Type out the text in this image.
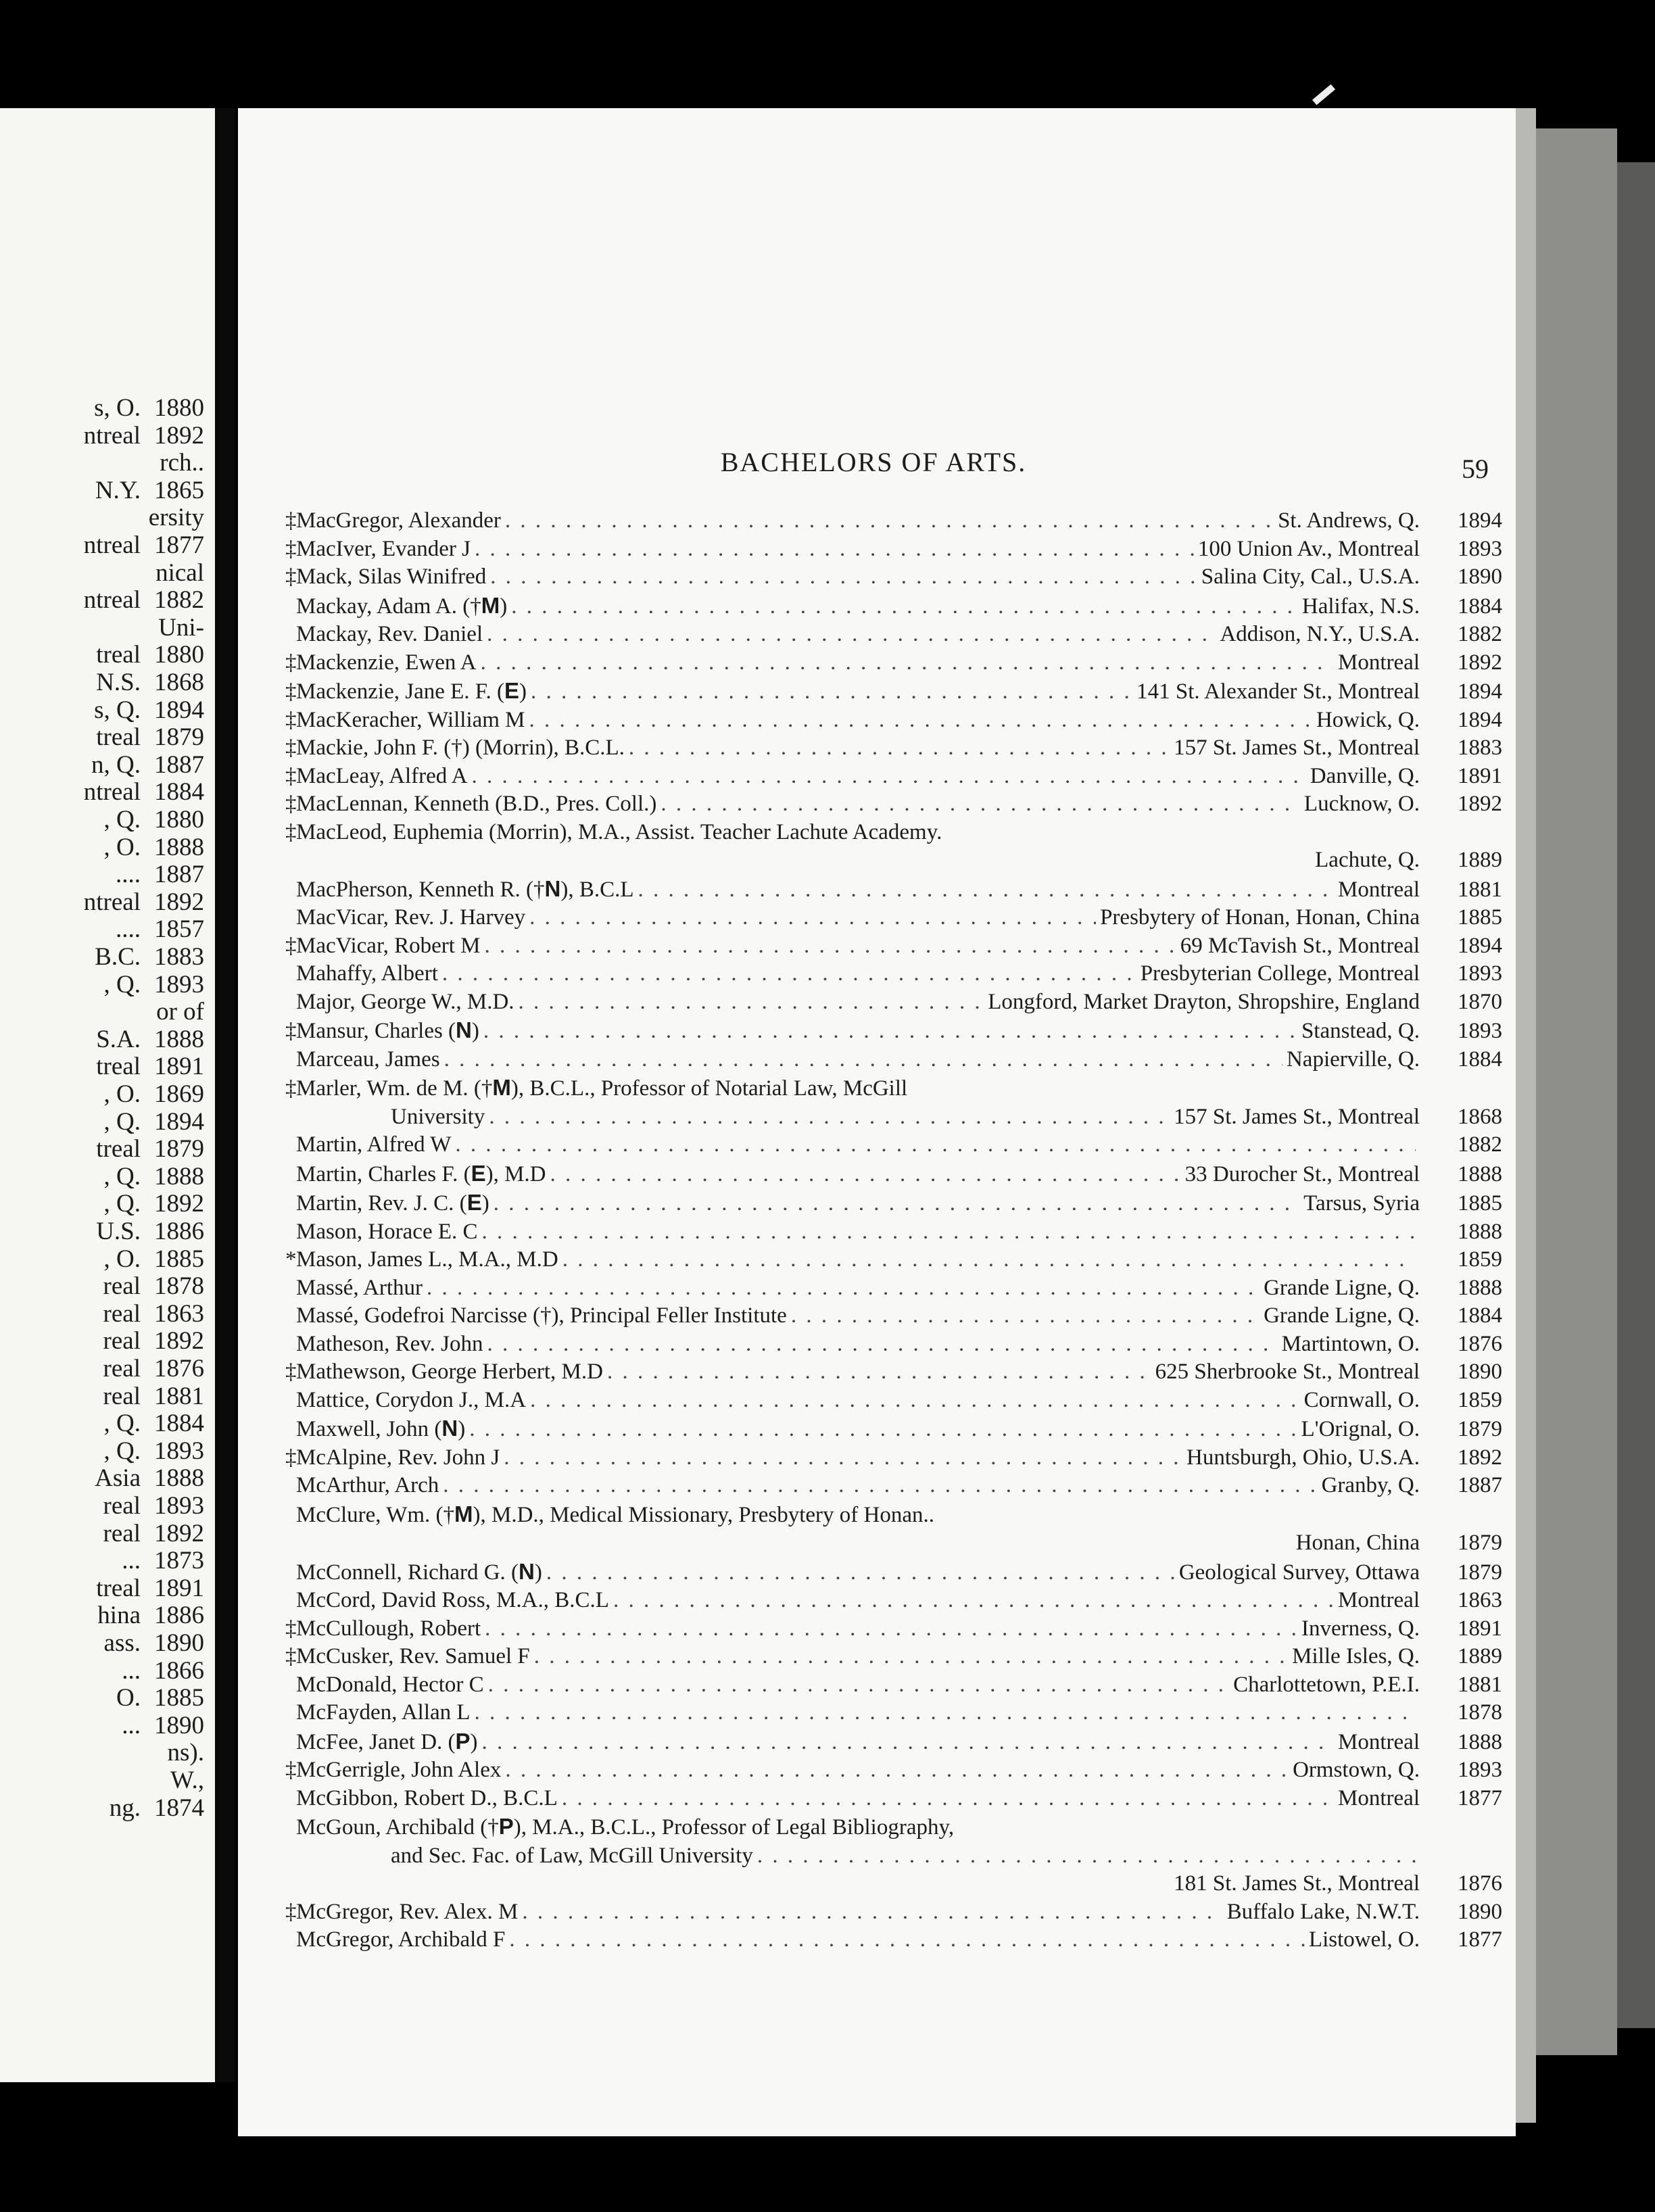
s, O. 1880
ntreal 1892
rch..
N.Y. 1865
ersity
ntreal 1877
nical
ntreal 1882
Uni-
treal 1880
N.S. 1868
s, Q. 1894
treal 1879
n, Q. 1887
ntreal 1884
, Q. 1880
, O. 1888
.... 1887
ntreal 1892
.... 1857
B.C. 1883
, Q. 1893
or of
S.A. 1888
treal 1891
, O. 1869
, Q. 1894
treal 1879
, Q. 1888
, Q. 1892
U.S. 1886
, O. 1885
real 1878
real 1863
real 1892
real 1876
real 1881
, Q. 1884
, Q. 1893
Asia 1888
real 1893
real 1892
... 1873
treal 1891
hina 1886
ass. 1890
... 1866
O. 1885
... 1890
ns).
W.,
ng. 1874
BACHELORS OF ARTS.	59
‡ MacGregor, Alexander . . .	St. Andrews, Q.	1894
‡ MacIver, Evander J . . .	100 Union Av., Montreal	1893
‡ Mack, Silas Winifred . . .	Salina City, Cal., U.S.A.	1890
Mackay, Adam A. (†M) . . .	Halifax, N.S.	1884
Mackay, Rev. Daniel . . .	Addison, N.Y., U.S.A.	1882
‡ Mackenzie, Ewen A . . .	Montreal	1892
‡ Mackenzie, Jane E. F. (E) . . .	141 St. Alexander St., Montreal	1894
‡ MacKeracher, William M . . .	Howick, Q.	1894
‡ Mackie, John F. (†) (Morrin), B.C.L. . . .	157 St. James St., Montreal	1883
‡ MacLeay, Alfred A . . .	Danville, Q.	1891
‡ MacLennan, Kenneth (B.D., Pres. Coll.) . . .	Lucknow, O.	1892
‡ MacLeod, Euphemia (Morrin), M.A., Assist. Teacher Lachute Academy.
Lachute, Q.	1889
MacPherson, Kenneth R. (†N), B.C.L . . .	Montreal	1881
MacVicar, Rev. J. Harvey . . .	Presbytery of Honan, Honan, China	1885
‡ MacVicar, Robert M . . .	69 McTavish St., Montreal	1894
Mahaffy, Albert . . .	Presbyterian College, Montreal	1893
Major, George W., M.D. . . .	Longford, Market Drayton, Shropshire, England	1870
‡ Mansur, Charles (N) . . .	Stanstead, Q.	1893
Marceau, James . . .	Napierville, Q.	1884
‡ Marler, Wm. de M. (†M), B.C.L., Professor of Notarial Law, McGill
University . . .	157 St. James St., Montreal	1868
Martin, Alfred W . . .	1882
Martin, Charles F. (E), M.D . . .	33 Durocher St., Montreal	1888
Martin, Rev. J. C. (E) . . .	Tarsus, Syria	1885
Mason, Horace E. C . . .	1888
* Mason, James L., M.A., M.D . . .	1859
Massé, Arthur . . .	Grande Ligne, Q.	1888
Massé, Godefroi Narcisse (†), Principal Feller Institute . . .	Grande Ligne, Q.	1884
Matheson, Rev. John . . .	Martintown, O.	1876
‡ Mathewson, George Herbert, M.D . . .	625 Sherbrooke St., Montreal	1890
Mattice, Corydon J., M.A . . .	Cornwall, O.	1859
Maxwell, John (N) . . .	L'Orignal, O.	1879
‡ McAlpine, Rev. John J . . .	Huntsburgh, Ohio, U.S.A.	1892
McArthur, Arch . . .	Granby, Q.	1887
McClure, Wm. (†M), M.D., Medical Missionary, Presbytery of Honan..
Honan, China	1879
McConnell, Richard G. (N) . . .	Geological Survey, Ottawa	1879
McCord, David Ross, M.A., B.C.L . . .	Montreal	1863
‡ McCullough, Robert . . .	Inverness, Q.	1891
‡ McCusker, Rev. Samuel F . . .	Mille Isles, Q.	1889
McDonald, Hector C . . .	Charlottetown, P.E.I.	1881
McFayden, Allan L . . .	1878
McFee, Janet D. (P) . . .	Montreal	1888
‡ McGerrigle, John Alex . . .	Ormstown, Q.	1893
McGibbon, Robert D., B.C.L . . .	Montreal	1877
McGoun, Archibald (†P), M.A., B.C.L., Professor of Legal Bibliography,
and Sec. Fac. of Law, McGill University
. . .
181 St. James St., Montreal	1876
‡ McGregor, Rev. Alex. M . . .	Buffalo Lake, N.W.T.	1890
McGregor, Archibald F . . .	Listowel, O.	1877
